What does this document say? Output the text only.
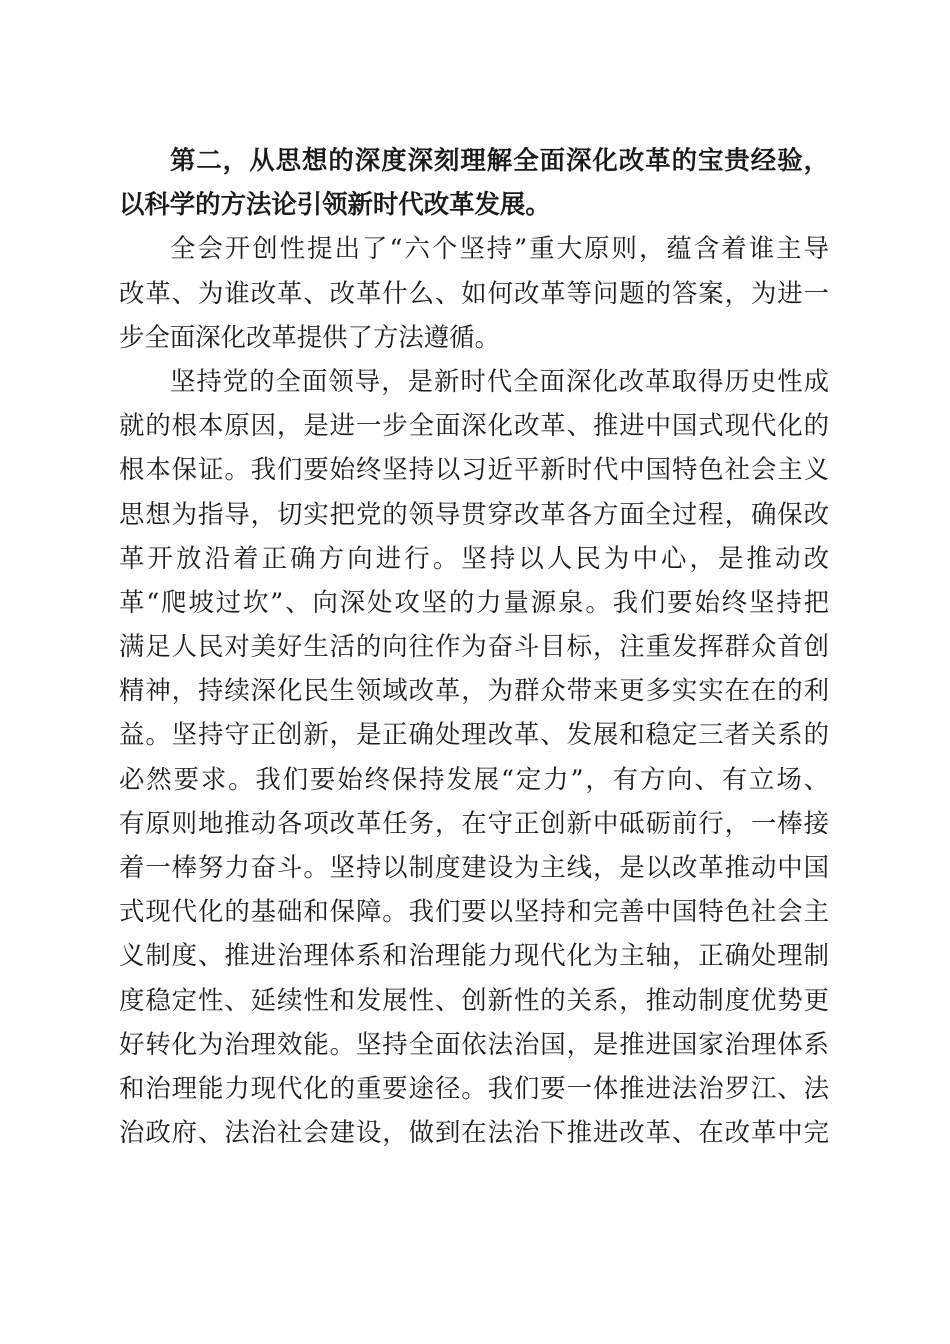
第二，从思想的深度深刻理解全面深化改革的宝贵经验，
以科学的方法论引领新时代改革发展。
全会开创性提出了“六个坚持”重大原则，蕴含着谁主导
改革、为谁改革、改革什么、如何改革等问题的答案，为进一
步全面深化改革提供了方法遵循。
坚持党的全面领导，是新时代全面深化改革取得历史性成
就的根本原因，是进一步全面深化改革、推进中国式现代化的
根本保证。我们要始终坚持以习近平新时代中国特色社会主义
思想为指导，切实把党的领导贯穿改革各方面全过程，确保改
革开放沿着正确方向进行。坚持以人民为中心，是推动改
革“爬坡过坎”、向深处攻坚的力量源泉。我们要始终坚持把
满足人民对美好生活的向往作为奋斗目标，注重发挥群众首创
精神，持续深化民生领域改革，为群众带来更多实实在在的利
益。坚持守正创新，是正确处理改革、发展和稳定三者关系的
必然要求。我们要始终保持发展“定力”，有方向、有立场、
有原则地推动各项改革任务，在守正创新中砥砺前行，一棒接
着一棒努力奋斗。坚持以制度建设为主线，是以改革推动中国
式现代化的基础和保障。我们要以坚持和完善中国特色社会主
义制度、推进治理体系和治理能力现代化为主轴，正确处理制
度稳定性、延续性和发展性、创新性的关系，推动制度优势更
好转化为治理效能。坚持全面依法治国，是推进国家治理体系
和治理能力现代化的重要途径。我们要一体推进法治罗江、法
治政府、法治社会建设，做到在法治下推进改革、在改革中完
